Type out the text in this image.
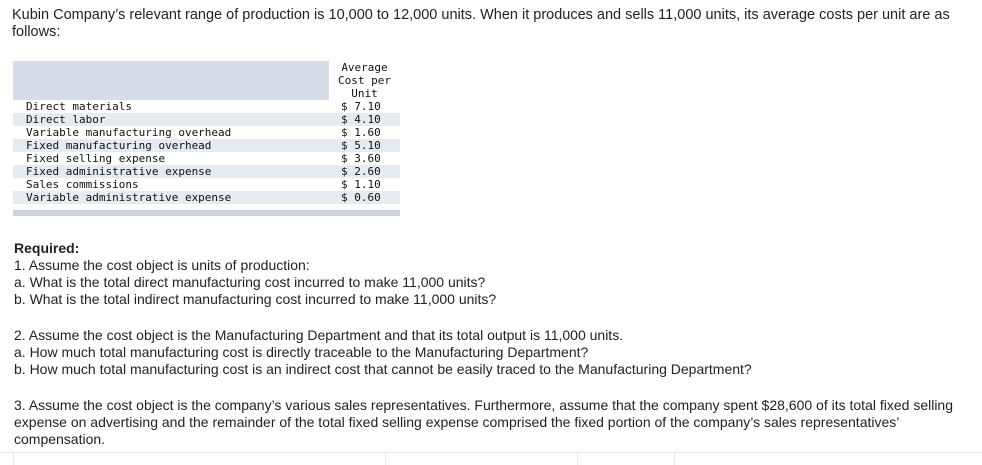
Kubin Company’s relevant range of production is 10,000 to 12,000 units. When it produces and sells 11,000 units, its average costs per unit are as follows:

	Average
Cost per
Unit

Direct materials	$ 7.10
Direct labor	$ 4.10
Variable manufacturing overhead	$ 1.60
Fixed manufacturing overhead	$ 5.10
Fixed selling expense	$ 3.60
Fixed administrative expense	$ 2.60
Sales commissions	$ 1.10
Variable administrative expense	$ 0.60

Required:

1. Assume the cost object is units of production:

a. What is the total direct manufacturing cost incurred to make 11,000 units?

b. What is the total indirect manufacturing cost incurred to make 11,000 units?

2. Assume the cost object is the Manufacturing Department and that its total output is 11,000 units.

a. How much total manufacturing cost is directly traceable to the Manufacturing Department?

b. How much total manufacturing cost is an indirect cost that cannot be easily traced to the Manufacturing Department?

3. Assume the cost object is the company’s various sales representatives. Furthermore, assume that the company spent $28,600 of its total fixed selling expense on advertising and the remainder of the total fixed selling expense comprised the fixed portion of the company’s sales representatives’ compensation.
